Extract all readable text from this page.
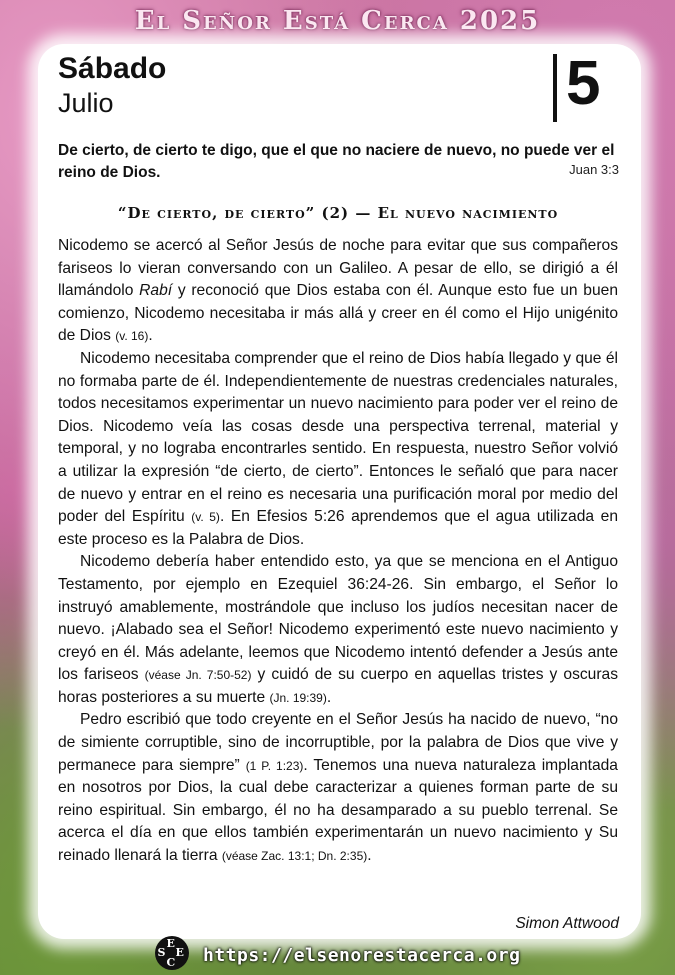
El Señor Está Cerca 2025
Sábado
Julio	5
De cierto, de cierto te digo, que el que no naciere de nuevo, no puede ver el reino de Dios.	Juan 3:3
“De cierto, de cierto” (2) — El nuevo nacimiento

Nicodemo se acercó al Señor Jesús de noche para evitar que sus compañeros fariseos lo vieran conversando con un Galileo. A pesar de ello, se dirigió a él llamándolo Rabí y reconoció que Dios estaba con él. Aunque esto fue un buen comienzo, Nicodemo necesitaba ir más allá y creer en él como el Hijo unigénito de Dios (v. 16).

Nicodemo necesitaba comprender que el reino de Dios había llegado y que él no formaba parte de él. Independientemente de nuestras credenciales naturales, todos necesitamos experimentar un nuevo nacimiento para poder ver el reino de Dios. Nicodemo veía las cosas desde una perspectiva terrenal, material y temporal, y no lograba encontrarles sentido. En respuesta, nuestro Señor volvió a utilizar la expresión “de cierto, de cierto”. Entonces le señaló que para nacer de nuevo y entrar en el reino es necesaria una purificación moral por medio del poder del Espíritu (v. 5). En Efesios 5:26 aprendemos que el agua utilizada en este proceso es la Palabra de Dios.

Nicodemo debería haber entendido esto, ya que se menciona en el Antiguo Testamento, por ejemplo en Ezequiel 36:24-26. Sin embargo, el Señor lo instruyó amablemente, mostrándole que incluso los judíos necesitan nacer de nuevo. ¡Alabado sea el Señor! Nicodemo experimentó este nuevo nacimiento y creyó en él. Más adelante, leemos que Nicodemo intentó defender a Jesús ante los fariseos (véase Jn. 7:50-52) y cuidó de su cuerpo en aquellas tristes y oscuras horas posteriores a su muerte (Jn. 19:39).

Pedro escribió que todo creyente en el Señor Jesús ha nacido de nuevo, “no de simiente corruptible, sino de incorruptible, por la palabra de Dios que vive y permanece para siempre” (1 P. 1:23). Tenemos una nueva naturaleza implantada en nosotros por Dios, la cual debe caracterizar a quienes forman parte de su reino espiritual. Sin embargo, él no ha desamparado a su pueblo terrenal. Se acerca el día en que ellos también experimentarán un nuevo nacimiento y Su reinado llenará la tierra (véase Zac. 13:1; Dn. 2:35).

Simon Attwood
E
S E
C https://elsenorestacerca.org
